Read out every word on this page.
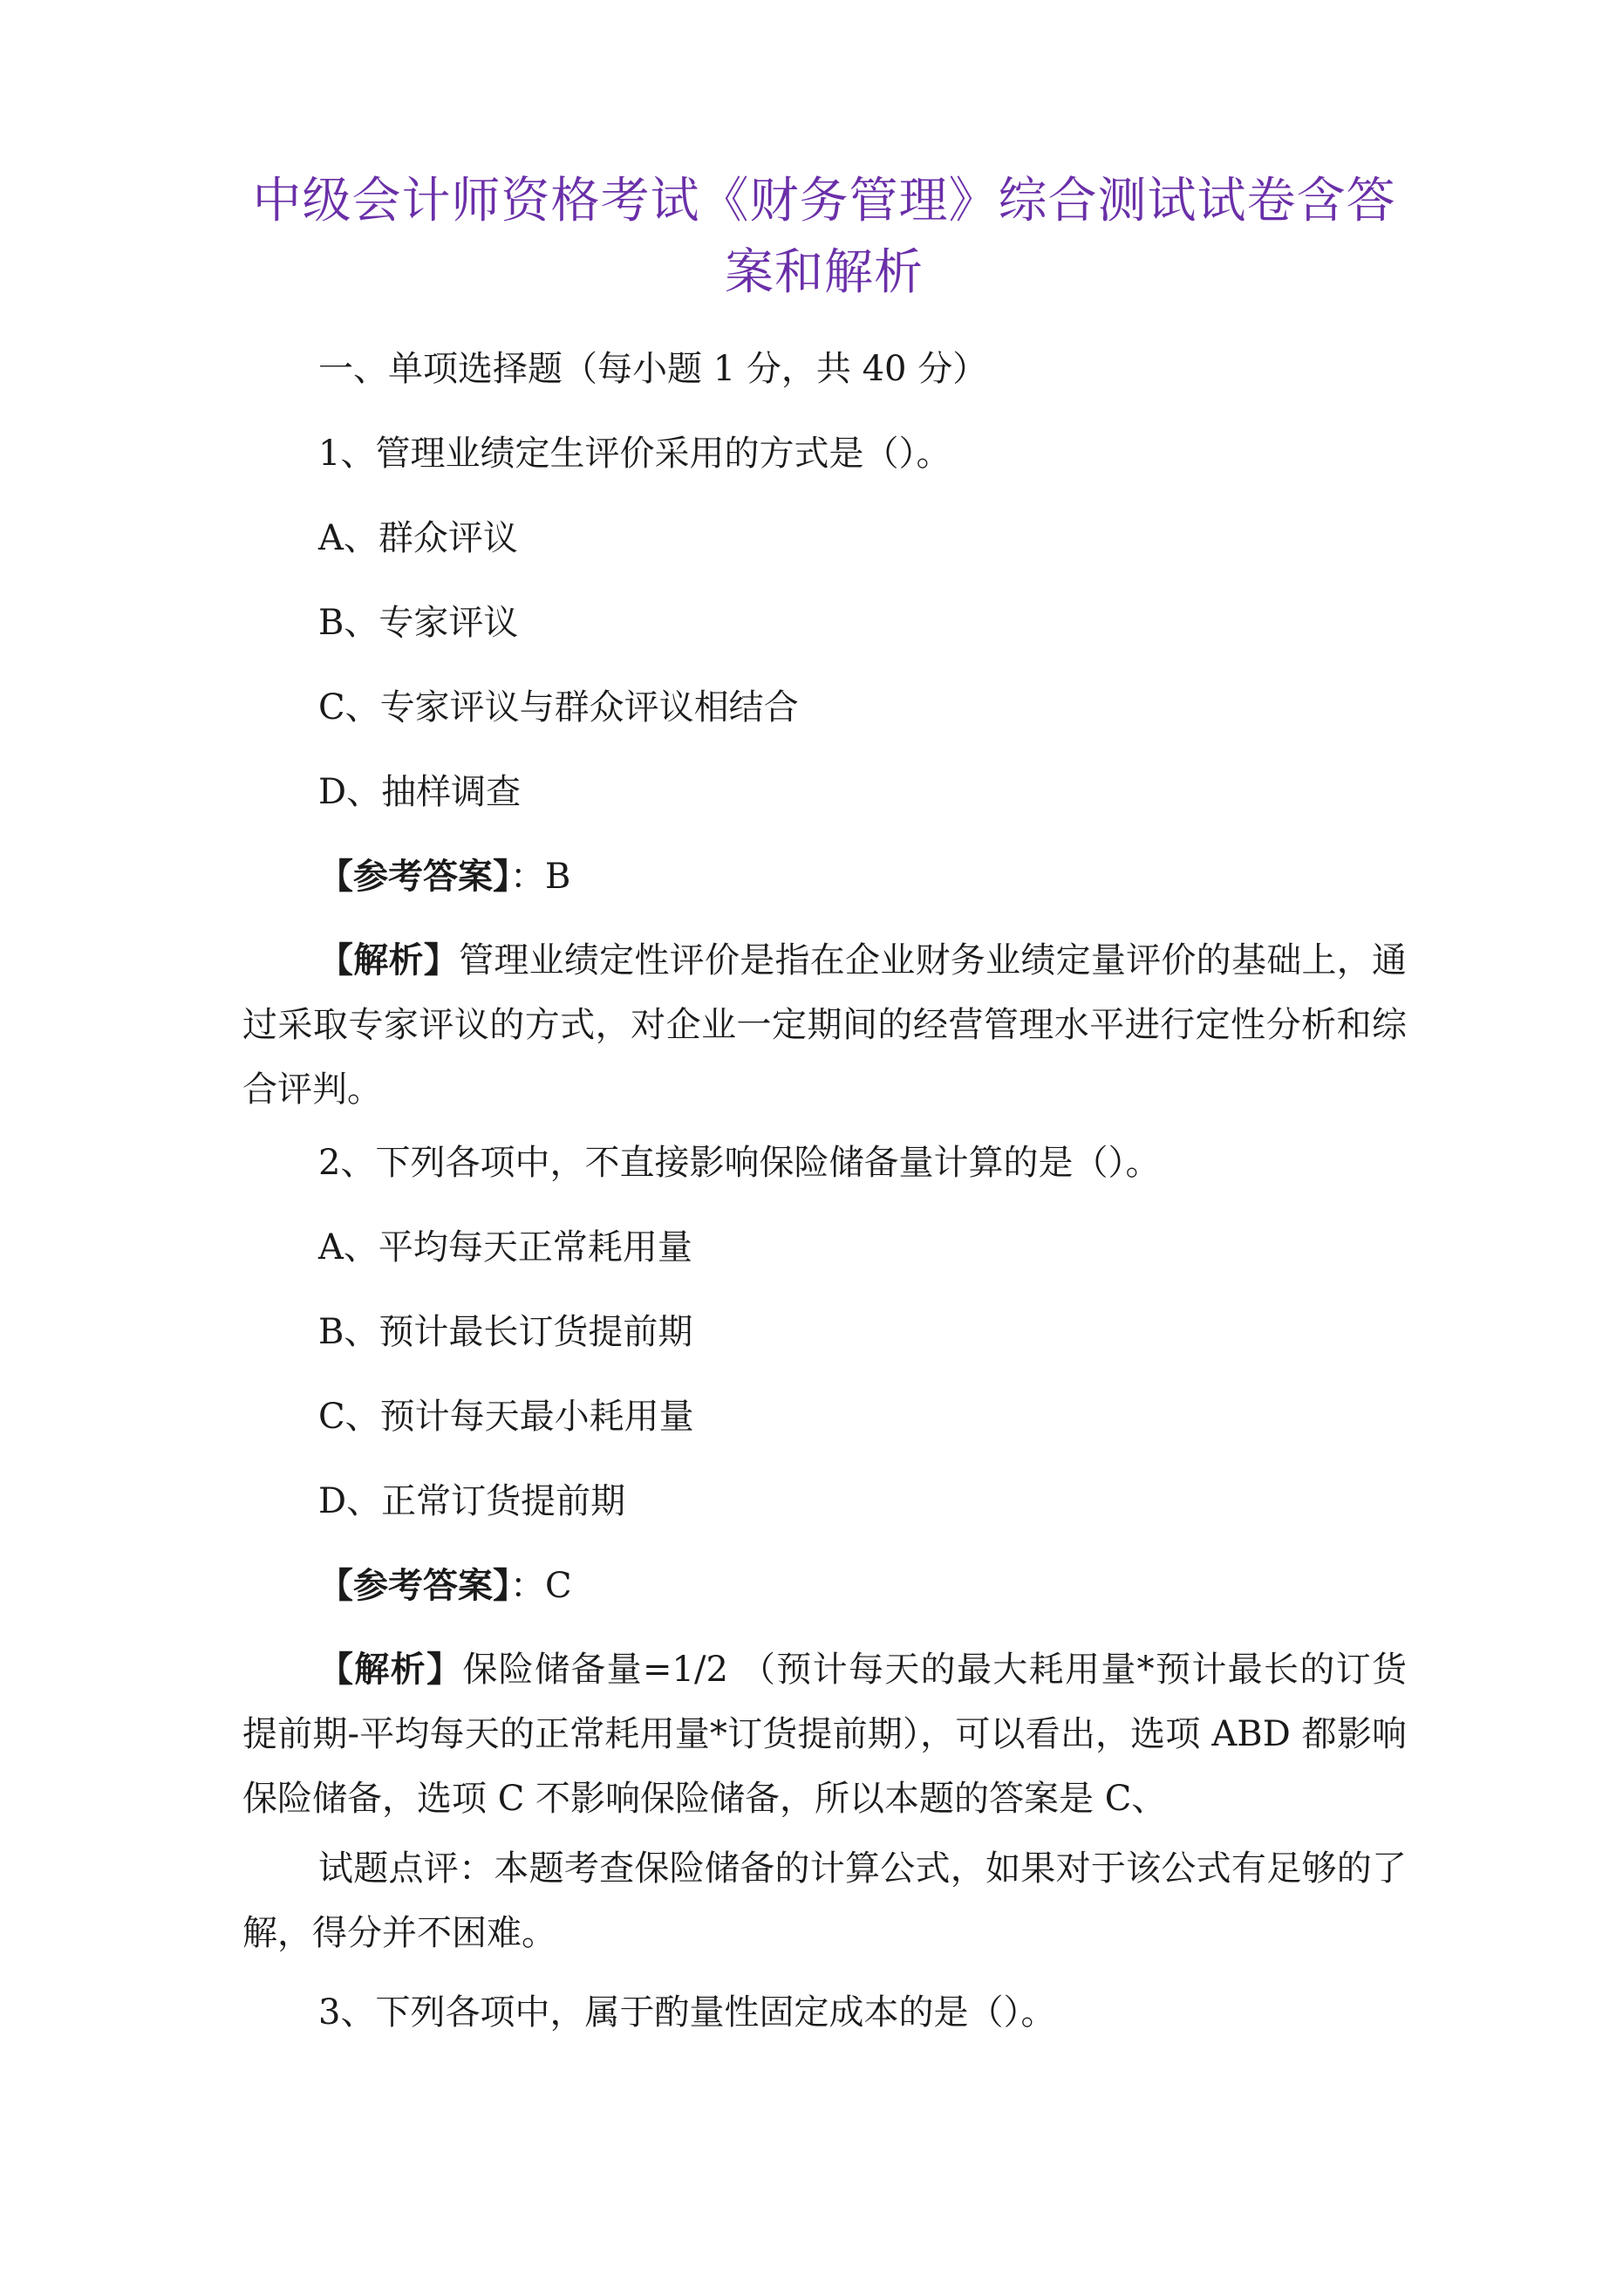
中级会计师资格考试《财务管理》综合测试试卷含答案和解析
一、单项选择题（每小题 1 分，共 40 分）
1、管理业绩定生评价采用的方式是（）。
A、群众评议
B、专家评议
C、专家评议与群众评议相结合
D、抽样调查
【参考答案】：B
【解析】管理业绩定性评价是指在企业财务业绩定量评价的基础上，通过采取专家评议的方式，对企业一定期间的经营管理水平进行定性分析和综合评判。
2、下列各项中，不直接影响保险储备量计算的是（）。
A、平均每天正常耗用量
B、预计最长订货提前期
C、预计每天最小耗用量
D、正常订货提前期
【参考答案】：C
【解析】保险储备量=1/2 （预计每天的最大耗用量*预计最长的订货提前期-平均每天的正常耗用量*订货提前期），可以看出，选项 ABD 都影响保险储备，选项 C 不影响保险储备，所以本题的答案是 C、
试题点评：本题考查保险储备的计算公式，如果对于该公式有足够的了解，得分并不困难。
3、下列各项中，属于酌量性固定成本的是（）。
